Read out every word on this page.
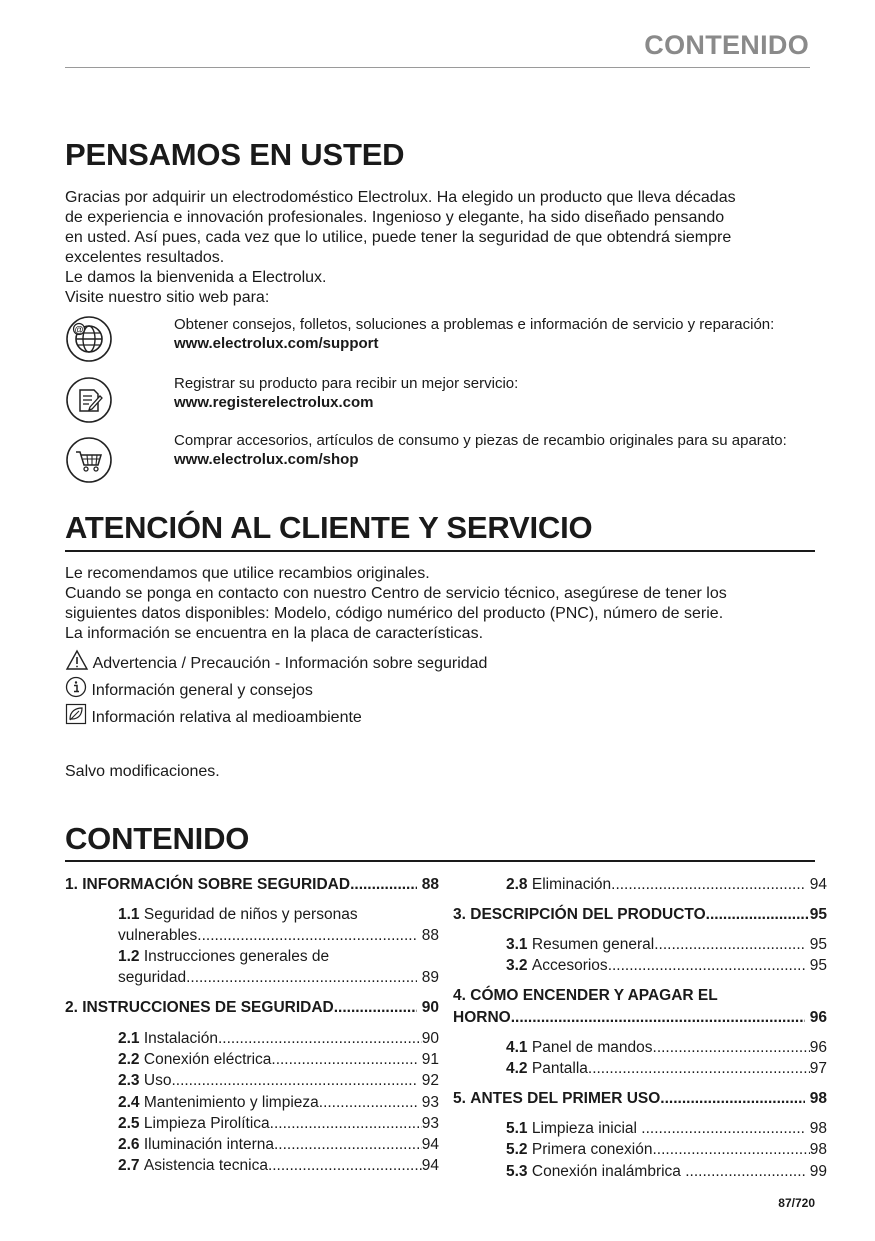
CONTENIDO
PENSAMOS EN USTED
Gracias por adquirir un electrodoméstico Electrolux. Ha elegido un producto que lleva décadas
de experiencia e innovación profesionales. Ingenioso y elegante, ha sido diseñado pensando
en usted. Así pues, cada vez que lo utilice, puede tener la seguridad de que obtendrá siempre
excelentes resultados.
Le damos la bienvenida a Electrolux.
Visite nuestro sitio web para:
@	Obtener consejos, folletos, soluciones a problemas e información de servicio y reparación:
www.electrolux.com/support
Registrar su producto para recibir un mejor servicio:
www.registerelectrolux.com
Comprar accesorios, artículos de consumo y piezas de recambio originales para su aparato:
www.electrolux.com/shop
ATENCIÓN AL CLIENTE Y SERVICIO
Le recomendamos que utilice recambios originales.
Cuando se ponga en contacto con nuestro Centro de servicio técnico, asegúrese de tener los
siguientes datos disponibles: Modelo, código numérico del producto (PNC), número de serie.
La información se encuentra en la placa de características.
Advertencia / Precaución - Información sobre seguridad
Información general y consejos
Información relativa al medioambiente
Salvo modificaciones.
CONTENIDO
1.
INFORMACIÓN SOBRE SEGURIDAD .....
	88
1.1
Seguridad de niños y personas
vulnerables .....
	88
1.2
Instrucciones generales de
seguridad .....
	89
2.
INSTRUCCIONES DE SEGURIDAD .....
	90
2.1
Instalación .....	90
2.2
Conexión eléctrica .....
	91
2.3
Uso .....
	92
2.4
Mantenimiento y limpieza .....
	93
2.5
Limpieza Pirolítica .....	93
2.6
Iluminación interna .....	94
2.7
Asistencia tecnica .....	94
2.8
Eliminación .....
	94
3.
DESCRIPCIÓN DEL PRODUCTO .....	95
3.1
Resumen general .....
	95
3.2
Accesorios .....
	95
4.
CÓMO ENCENDER Y APAGAR EL
HORNO .....
	96
4.1
Panel de mandos .....	96
4.2
Pantalla .....	97
5.
ANTES DEL PRIMER USO .....
	98
5.1
Limpieza inicial
.....
	98
5.2
Primera conexión .....	98
5.3
Conexión inalámbrica
.....
	99
87/720
